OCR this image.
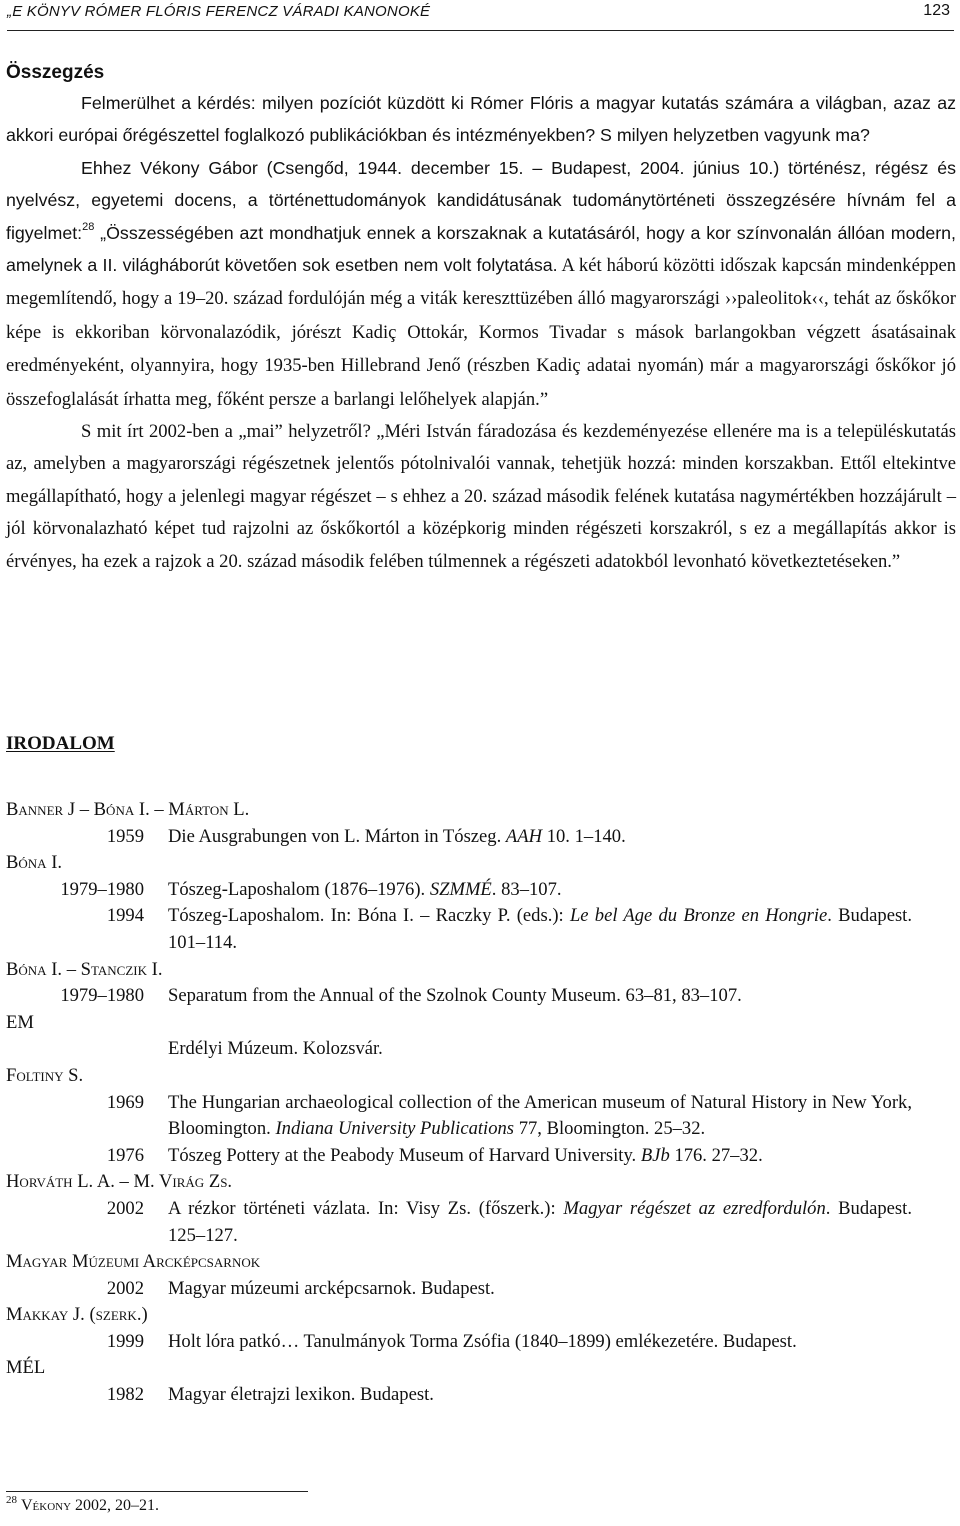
„E KÖNYV RÓMER FLÓRIS FERENCZ VÁRADI KANONOKÉ	123
Összegzés

Felmerülhet a kérdés: milyen pozíciót küzdött ki Rómer Flóris a magyar kutatás számára a világban, azaz az akkori európai őrégészettel foglalkozó publikációkban és intézményekben? S milyen helyzetben vagyunk ma?

Ehhez Vékony Gábor (Csengőd, 1944. december 15. – Budapest, 2004. június 10.) történész, régész és nyelvész, egyetemi docens, a történettudományok kandidátusának tudománytörténeti összegzésére hívnám fel a figyelmet:$^{28}$ „Összességében azt mondhatjuk ennek a korszaknak a kutatásáról, hogy a kor színvonalán állóan modern, amelynek a II. világháborút követően sok esetben nem volt folytatása. A két háború közötti időszak kapcsán mindenképpen megemlítendő, hogy a 19–20. század fordulóján még a viták kereszttüzében álló magyarországi ››paleolitok‹‹, tehát az őskőkor képe is ekkoriban körvonalazódik, jórészt Kadiç Ottokár, Kormos Tivadar s mások barlangokban végzett ásatásainak eredményeként, olyannyira, hogy 1935-ben Hillebrand Jenő (részben Kadiç adatai nyomán) már a magyarországi őskőkor jó összefoglalását írhatta meg, főként persze a barlangi lelőhelyek alapján.”

S mit írt 2002-ben a „mai” helyzetről? „Méri István fáradozása és kezdeményezése ellenére ma is a településkutatás az, amelyben a magyarországi régészetnek jelentős pótolnivalói vannak, tehetjük hozzá: minden korszakban. Ettől eltekintve megállapítható, hogy a jelenlegi magyar régészet – s ehhez a 20. század második felének kutatása nagymértékben hozzájárult – jól körvonalazható képet tud rajzolni az őskőkortól a középkorig minden régészeti korszakról, s ez a megállapítás akkor is érvényes, ha ezek a rajzok a 20. század második felében túlmennek a régészeti adatokból levonható következtetéseken.”

IRODALOM
Banner J – Bóna I. – Márton L.
1959 Die Ausgrabungen von L. Márton in Tószeg. AAH 10. 1–140.
Bóna I.
1979–1980 Tószeg-Laposhalom (1876–1976). SZMMÉ. 83–107.
1994 Tószeg-Laposhalom. In: Bóna I. – Raczky P. (eds.): Le bel Age du Bronze en Hongrie. Budapest. 101–114.
Bóna I. – Stanczik I.
1979–1980 Separatum from the Annual of the Szolnok County Museum. 63–81, 83–107.
EM
Erdélyi Múzeum. Kolozsvár.
Foltiny S.
1969 The Hungarian archaeological collection of the American museum of Natural History in New York, Bloomington. Indiana University Publications 77, Bloomington. 25–32.
1976 Tószeg Pottery at the Peabody Museum of Harvard University. BJb 176. 27–32.
Horváth L. A. – M. Virág Zs.
2002 A rézkor történeti vázlata. In: Visy Zs. (főszerk.): Magyar régészet az ezredfordulón. Budapest. 125–127.
Magyar Múzeumi Arcképcsarnok
2002 Magyar múzeumi arcképcsarnok. Budapest.
Makkay J. (szerk.)
1999 Holt lóra patkó… Tanulmányok Torma Zsófia (1840–1899) emlékezetére. Budapest.
MÉL
1982 Magyar életrajzi lexikon. Budapest.
$^{28}$ Vékony 2002, 20–21.
